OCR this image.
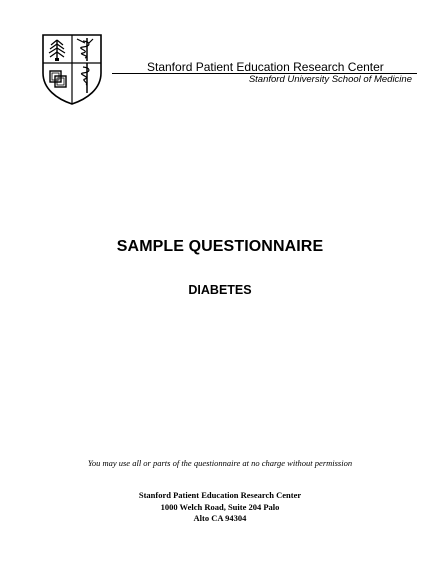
Stanford Patient Education Research Center
Stanford University School of Medicine
SAMPLE QUESTIONNAIRE
DIABETES
You may use all or parts of the questionnaire at no charge without permission
Stanford Patient Education Research Center
1000 Welch Road, Suite 204 Palo
Alto CA 94304
